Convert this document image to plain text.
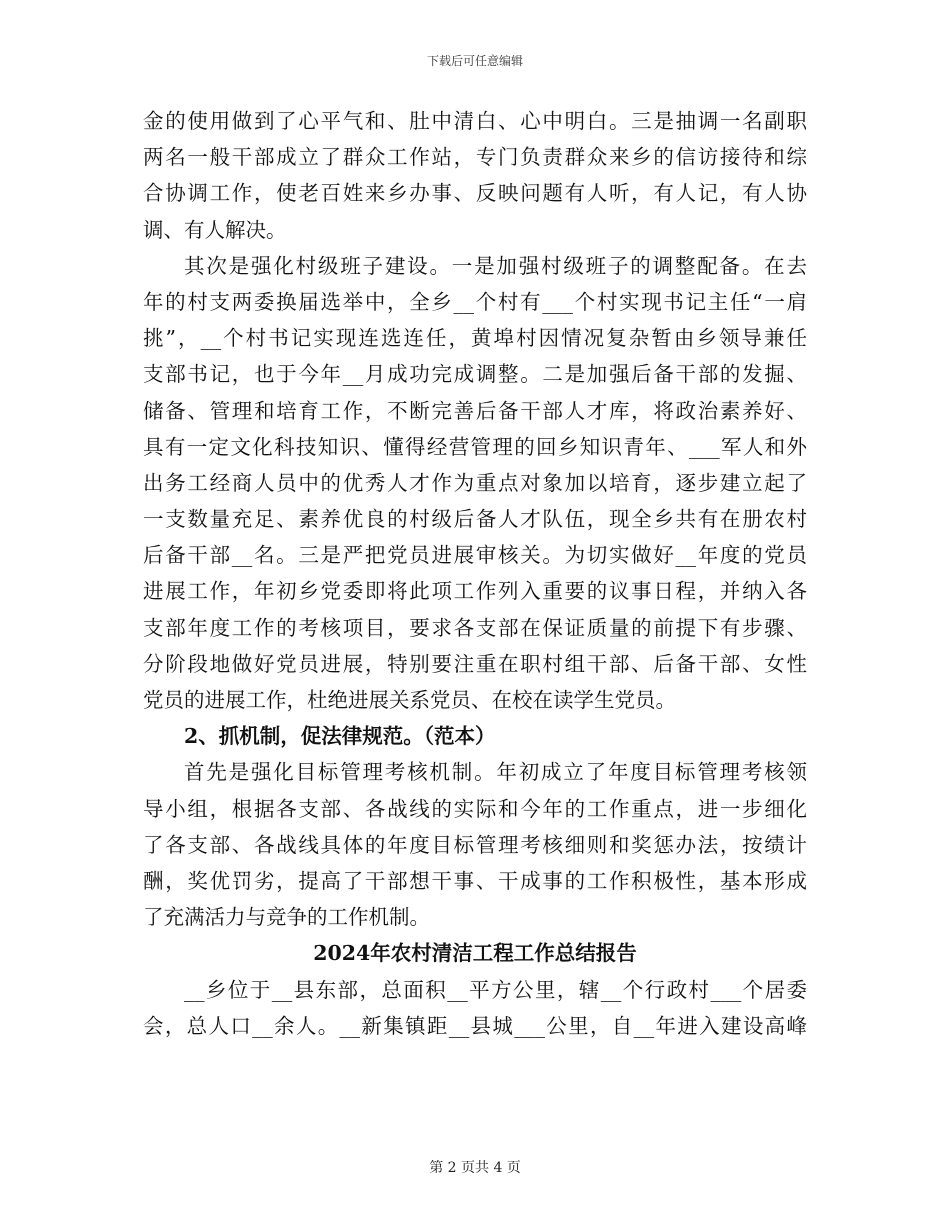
下载后可任意编辑

金的使用做到了心平气和、肚中清白、心中明白。三是抽调一名副职

两名一般干部成立了群众工作站，专门负责群众来乡的信访接待和综

合协调工作，使老百姓来乡办事、反映问题有人听，有人记，有人协

调、有人解决。

其次是强化村级班子建设。一是加强村级班子的调整配备。在去

年的村支两委换届选举中，全乡__个村有___个村实现书记主任“一肩

挑”，__个村书记实现连选连任，黄埠村因情况复杂暂由乡领导兼任

支部书记，也于今年__月成功完成调整。二是加强后备干部的发掘、

储备、管理和培育工作，不断完善后备干部人才库，将政治素养好、

具有一定文化科技知识、懂得经营管理的回乡知识青年、___军人和外

出务工经商人员中的优秀人才作为重点对象加以培育，逐步建立起了

一支数量充足、素养优良的村级后备人才队伍，现全乡共有在册农村

后备干部__名。三是严把党员进展审核关。为切实做好__年度的党员

进展工作，年初乡党委即将此项工作列入重要的议事日程，并纳入各

支部年度工作的考核项目，要求各支部在保证质量的前提下有步骤、

分阶段地做好党员进展，特别要注重在职村组干部、后备干部、女性

党员的进展工作，杜绝进展关系党员、在校在读学生党员。

2、抓机制，促法律规范。（范本）

首先是强化目标管理考核机制。年初成立了年度目标管理考核领

导小组，根据各支部、各战线的实际和今年的工作重点，进一步细化

了各支部、各战线具体的年度目标管理考核细则和奖惩办法，按绩计

酬，奖优罚劣，提高了干部想干事、干成事的工作积极性，基本形成

了充满活力与竞争的工作机制。

2024年农村清洁工程工作总结报告

__乡位于__县东部，总面积__平方公里，辖__个行政村___个居委

会，总人口__余人。__新集镇距__县城___公里，自__年进入建设高峰

第 2 页共 4 页
